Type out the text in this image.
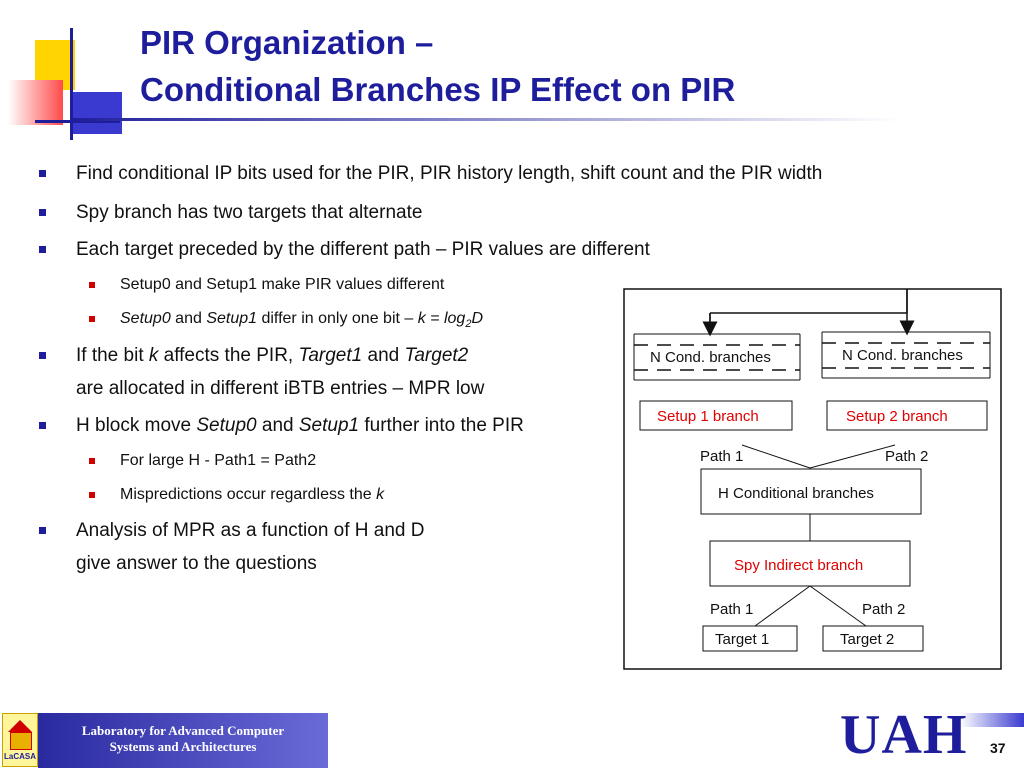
PIR Organization –
Conditional Branches IP Effect on PIR
Find conditional IP bits used for the PIR, PIR history length, shift count and the PIR width
Spy branch has two targets that alternate
Each target preceded by the different path – PIR values are different
Setup0 and Setup1 make PIR values different
Setup0 and Setup1 differ in only one bit – $k = \log_2D$
If the bit k affects the PIR, Target1 and Target2
are allocated in different iBTB entries – MPR low
H block move Setup0 and Setup1 further into the PIR
For large H - Path1 = Path2
Mispredictions occur regardless the k
Analysis of MPR as a function of H and D
give answer to the questions
N Cond. branches	N Cond. branches
Setup 1 branch	Setup 2 branch
Path 1	Path 2
H Conditional branches
Spy Indirect branch
Path 1	Path 2
Target 1	Target 2
LaCASA
Laboratory for Advanced Computer
Systems and Architectures	UAH 37
